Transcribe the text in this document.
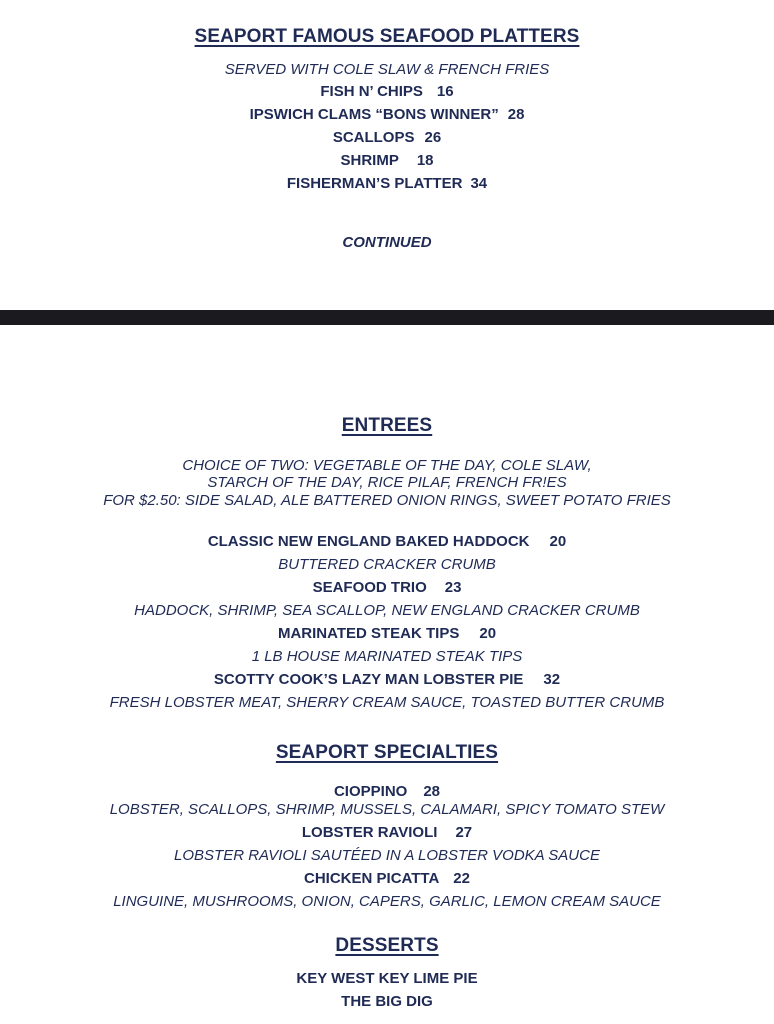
SEAPORT FAMOUS SEAFOOD PLATTERS
SERVED WITH COLE SLAW & FRENCH FRIES
FISH N’ CHIPS 16
IPSWICH CLAMS “BONS WINNER” 28
SCALLOPS 26
SHRIMP 18
FISHERMAN’S PLATTER 34
CONTINUED
ENTREES
CHOICE OF TWO: VEGETABLE OF THE DAY, COLE SLAW,
STARCH OF THE DAY, RICE PILAF, FRENCH FR!ES
FOR $2.50: SIDE SALAD, ALE BATTERED ONION RINGS, SWEET POTATO FRIES
CLASSIC NEW ENGLAND BAKED HADDOCK 20
BUTTERED CRACKER CRUMB
SEAFOOD TRIO 23
HADDOCK, SHRIMP, SEA SCALLOP, NEW ENGLAND CRACKER CRUMB
MARINATED STEAK TIPS 20
1 LB HOUSE MARINATED STEAK TIPS
SCOTTY COOK’S LAZY MAN LOBSTER PIE 32
FRESH LOBSTER MEAT, SHERRY CREAM SAUCE, TOASTED BUTTER CRUMB
SEAPORT SPECIALTIES
CIOPPINO 28
LOBSTER, SCALLOPS, SHRIMP, MUSSELS, CALAMARI, SPICY TOMATO STEW
LOBSTER RAVIOLI 27
LOBSTER RAVIOLI SAUTÉED IN A LOBSTER VODKA SAUCE
CHICKEN PICATTA 22
LINGUINE, MUSHROOMS, ONION, CAPERS, GARLIC, LEMON CREAM SAUCE
DESSERTS
KEY WEST KEY LIME PIE
THE BIG DIG
